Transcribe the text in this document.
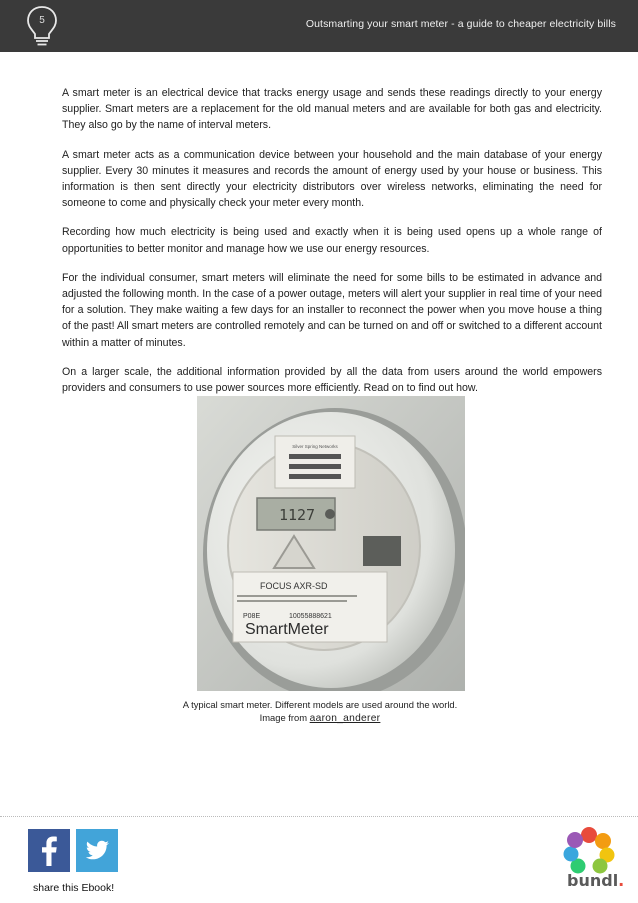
5	Outsmarting your smart meter - a guide to cheaper electricity bills

A smart meter is an electrical device that tracks energy usage and sends these readings directly to your energy supplier. Smart meters are a replacement for the old manual meters and are available for both gas and electricity. They also go by the name of interval meters.

A smart meter acts as a communication device between your household and the main database of your energy supplier. Every 30 minutes it measures and records the amount of energy used by your house or business. This information is then sent directly your electricity distributors over wireless networks, eliminating the need for someone to come and physically check your meter every month.

Recording how much electricity is being used and exactly when it is being used opens up a whole range of opportunities to better monitor and manage how we use our energy resources.

For the individual consumer, smart meters will eliminate the need for some bills to be estimated in advance and adjusted the following month. In the case of a power outage, meters will alert your supplier in real time of your need for a solution. They make waiting a few days for an installer to reconnect the power when you move house a thing of the past! All smart meters are controlled remotely and can be turned on and off or switched to a different account within a matter of minutes.

On a larger scale, the additional information provided by all the data from users around the world empowers providers and consumers to use power sources more efficiently. Read on to find out how.

Silver Spring Networks
1127
FOCUS AXR-SD
10055888621
P08E
SmartMeter
A typical smart meter. Different models are used around the world.
Image from aaron_anderer
share this Ebook!	bundl.
